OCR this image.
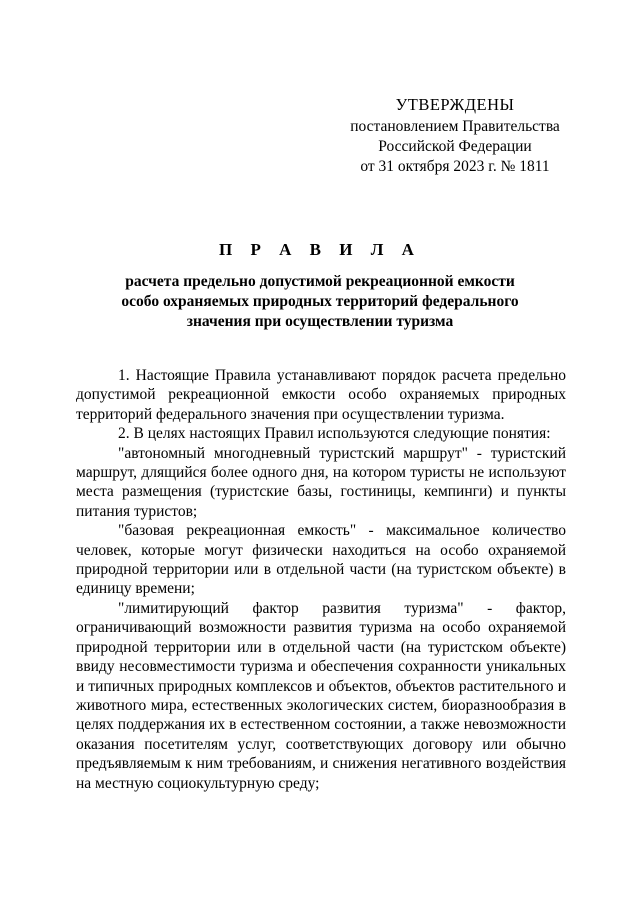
УТВЕРЖДЕНЫ
постановлением Правительства
Российской Федерации
от 31 октября 2023 г. № 1811
П Р А В И Л А
расчета предельно допустимой рекреационной емкости
особо охраняемых природных территорий федерального
значения при осуществлении туризма

1. Настоящие Правила устанавливают порядок расчета предельно допустимой рекреационной емкости особо охраняемых природных территорий федерального значения при осуществлении туризма.

2. В целях настоящих Правил используются следующие понятия:

"автономный многодневный туристский маршрут" - туристский маршрут, длящийся более одного дня, на котором туристы не используют места размещения (туристские базы, гостиницы, кемпинги) и пункты питания туристов;

"базовая рекреационная емкость" - максимальное количество человек, которые могут физически находиться на особо охраняемой природной территории или в отдельной части (на туристском объекте) в единицу времени;

"лимитирующий фактор развития туризма" - фактор, ограничивающий возможности развития туризма на особо охраняемой природной территории или в отдельной части (на туристском объекте) ввиду несовместимости туризма и обеспечения сохранности уникальных и типичных природных комплексов и объектов, объектов растительного и животного мира, естественных экологических систем, биоразнообразия в целях поддержания их в естественном состоянии, а также невозможности оказания посетителям услуг, соответствующих договору или обычно предъявляемым к ним требованиям, и снижения негативного воздействия на местную социокультурную среду;
